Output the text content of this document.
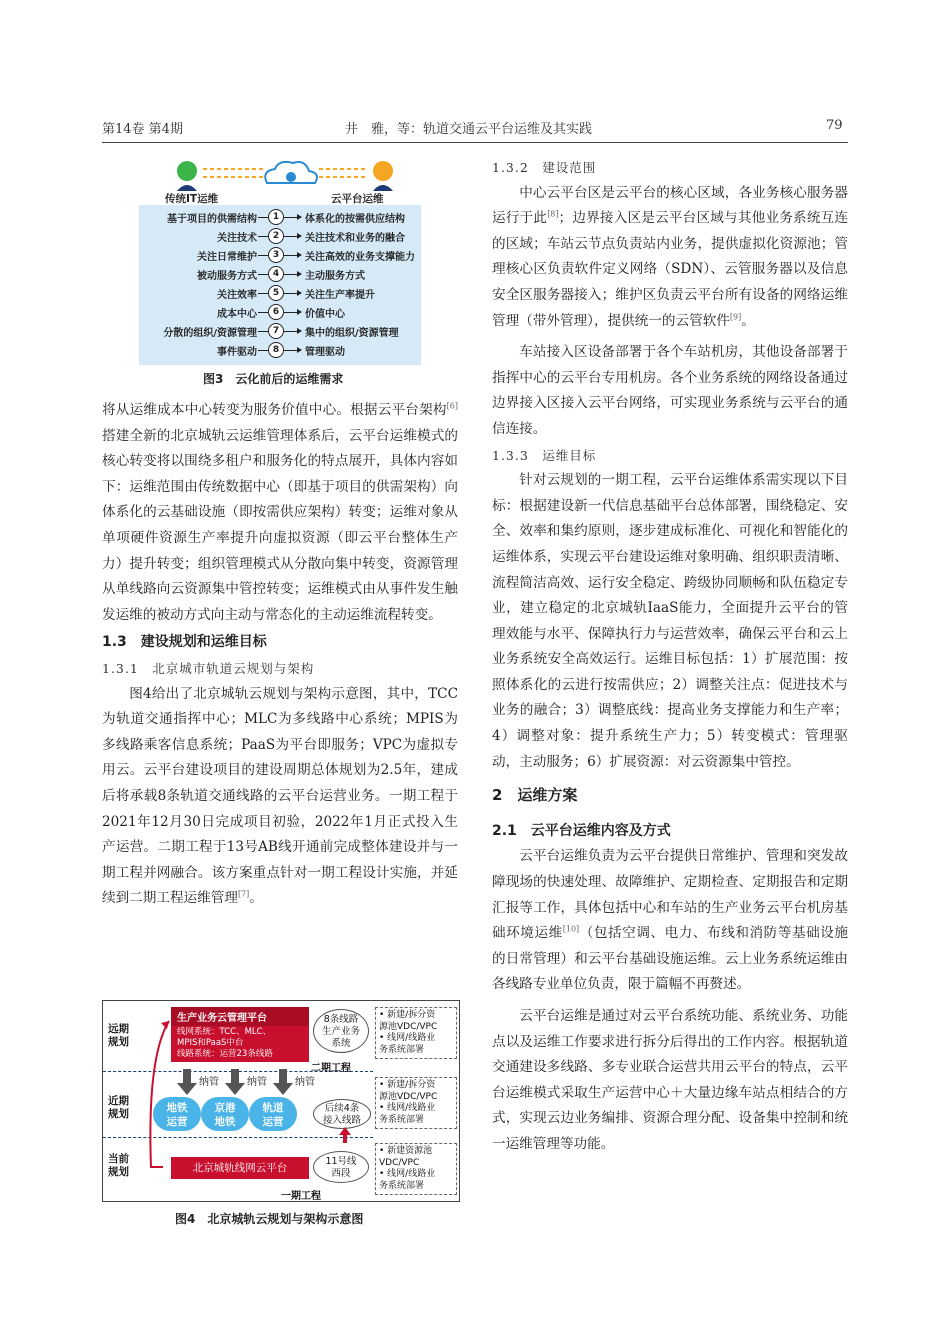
第14卷 第4期	井　雅，等：轨道交通云平台运维及其实践	79
传统IT运维	云平台运维
基于项目的供需结构	1	体系化的按需供应结构
关注技术	2	关注技术和业务的融合
关注日常维护	3	关注高效的业务支撑能力
被动服务方式	4	主动服务方式
关注效率	5	关注生产率提升
成本中心	6	价值中心
分散的组织/资源管理	7	集中的组织/资源管理
事件驱动	8	管理驱动
图3　云化前后的运维需求

将从运维成本中心转变为服务价值中心。根据云平台架构[6]搭建全新的北京城轨云运维管理体系后，云平台运维模式的核心转变将以围绕多租户和服务化的特点展开，具体内容如下：运维范围由传统数据中心（即基于项目的供需架构）向体系化的云基础设施（即按需供应架构）转变；运维对象从单项硬件资源生产率提升向虚拟资源（即云平台整体生产力）提升转变；组织管理模式从分散向集中转变，资源管理从单线路向云资源集中管控转变；运维模式由从事件发生触发运维的被动方式向主动与常态化的主动运维流程转变。

1.3　建设规划和运维目标
1.3.1　北京城市轨道云规划与架构

图4给出了北京城轨云规划与架构示意图，其中，TCC为轨道交通指挥中心；MLC为多线路中心系统；MPIS为多线路乘客信息系统；PaaS为平台即服务；VPC为虚拟专用云。云平台建设项目的建设周期总体规划为2.5年，建成后将承载8条轨道交通线路的云平台运营业务。一期工程于2021年12月30日完成项目初验，2022年1月正式投入生产运营。二期工程于13号AB线开通前完成整体建设并与一期工程并网融合。该方案重点针对一期工程设计实施，并延续到二期工程运维管理[7]。

远期
规划
近期
规划
当前
规划
生产业务云管理平台
线网系统：TCC、MLC、
MPIS和PaaS中台
线路系统：运营23条线路
8条线路
生产业务
系统
• 新建/拆分资
源池VDC/VPC
• 线网/线路业
务系统部署
二期工程
纳管	纳管	纳管
地铁
运营
京港
地铁
轨道
运营
后续4条
接入线路
• 新建/拆分资
源池VDC/VPC
• 线网/线路业
务系统部署
北京城轨线网云平台
11号线
西段
• 新建资源池
VDC/VPC
• 线网/线路业
务系统部署
一期工程
图4　北京城轨云规划与架构示意图
1.3.2　建设范围

中心云平台区是云平台的核心区域，各业务核心服务器运行于此[8]；边界接入区是云平台区域与其他业务系统互连的区域；车站云节点负责站内业务，提供虚拟化资源池；管理核心区负责软件定义网络（SDN）、云管服务器以及信息安全区服务器接入；维护区负责云平台所有设备的网络运维管理（带外管理），提供统一的云管软件[9]。

车站接入区设备部署于各个车站机房，其他设备部署于指挥中心的云平台专用机房。各个业务系统的网络设备通过边界接入区接入云平台网络，可实现业务系统与云平台的通信连接。

1.3.3　运维目标

针对云规划的一期工程，云平台运维体系需实现以下目标：根据建设新一代信息基础平台总体部署，围绕稳定、安全、效率和集约原则，逐步建成标准化、可视化和智能化的运维体系，实现云平台建设运维对象明确、组织职责清晰、流程简洁高效、运行安全稳定、跨级协同顺畅和队伍稳定专业，建立稳定的北京城轨IaaS能力，全面提升云平台的管理效能与水平、保障执行力与运营效率，确保云平台和云上业务系统安全高效运行。运维目标包括：1）扩展范围：按照体系化的云进行按需供应；2）调整关注点：促进技术与业务的融合；3）调整底线：提高业务支撑能力和生产率；4）调整对象：提升系统生产力；5）转变模式：管理驱动，主动服务；6）扩展资源：对云资源集中管控。

2　运维方案
2.1　云平台运维内容及方式

云平台运维负责为云平台提供日常维护、管理和突发故障现场的快速处理、故障维护、定期检查、定期报告和定期汇报等工作，具体包括中心和车站的生产业务云平台机房基础环境运维[10]（包括空调、电力、布线和消防等基础设施的日常管理）和云平台基础设施运维。云上业务系统运维由各线路专业单位负责，限于篇幅不再赘述。

云平台运维是通过对云平台系统功能、系统业务、功能点以及运维工作要求进行拆分后得出的工作内容。根据轨道交通建设多线路、多专业联合运营共用云平台的特点，云平台运维模式采取生产运营中心＋大量边缘车站点相结合的方式，实现云边业务编排、资源合理分配、设备集中控制和统一运维管理等功能。
